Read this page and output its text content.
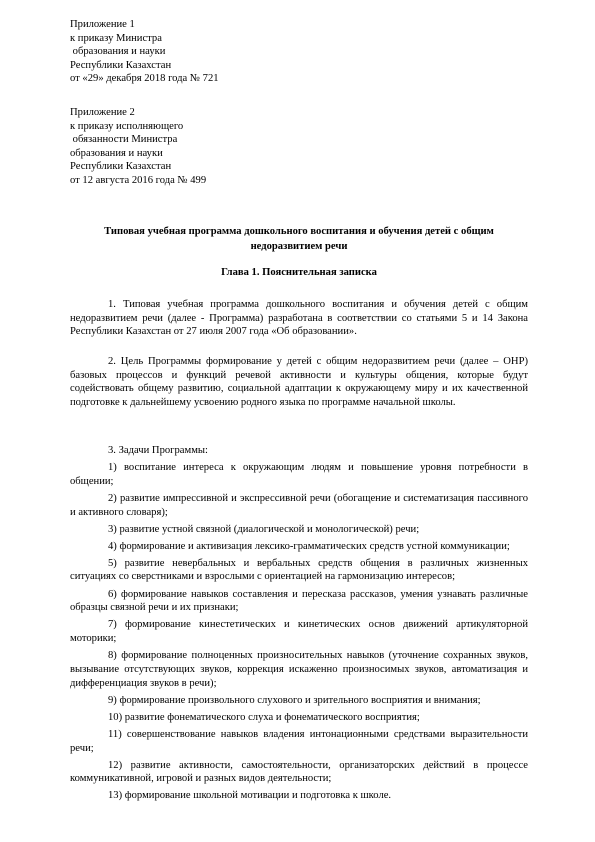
Приложение 1
к приказу Министра
образования и науки
Республики Казахстан
от «29» декабря 2018 года № 721
Приложение 2
к приказу исполняющего
обязанности Министра
образования и науки
Республики Казахстан
от 12 августа 2016 года № 499
Типовая учебная программа дошкольного воспитания и обучения детей с общим недоразвитием речи
Глава 1. Пояснительная записка
1. Типовая учебная программа дошкольного воспитания и обучения детей с общим недоразвитием речи (далее - Программа) разработана в соответствии со статьями 5 и 14 Закона Республики Казахстан от 27 июля 2007 года «Об образовании».
2. Цель Программы формирование у детей с общим недоразвитием речи (далее – ОНР) базовых процессов и функций речевой активности и культуры общения, которые будут содействовать общему развитию, социальной адаптации к окружающему миру и их качественной подготовке к дальнейшему усвоению родного языка по программе начальной школы.
3. Задачи Программы:
1) воспитание интереса к окружающим людям и повышение уровня потребности в общении;
2) развитие импрессивной и экспрессивной речи (обогащение и систематизация пассивного и активного словаря);
3) развитие устной связной (диалогической и монологической) речи;
4) формирование и активизация лексико-грамматических средств устной коммуникации;
5) развитие невербальных и вербальных средств общения в различных жизненных ситуациях со сверстниками и взрослыми с ориентацией на гармонизацию интересов;
6) формирование навыков составления и пересказа рассказов, умения узнавать различные образцы связной речи и их признаки;
7) формирование кинестетических и кинетических основ движений артикуляторной моторики;
8) формирование полноценных произносительных навыков (уточнение сохранных звуков, вызывание отсутствующих звуков, коррекция искаженно произносимых звуков, автоматизация и дифференциация звуков в речи);
9) формирование произвольного слухового и зрительного восприятия и внимания;
10) развитие фонематического слуха и фонематического восприятия;
11) совершенствование навыков владения интонационными средствами выразительности речи;
12) развитие активности, самостоятельности, организаторских действий в процессе коммуникативной, игровой и разных видов деятельности;
13) формирование школьной мотивации и подготовка к школе.
